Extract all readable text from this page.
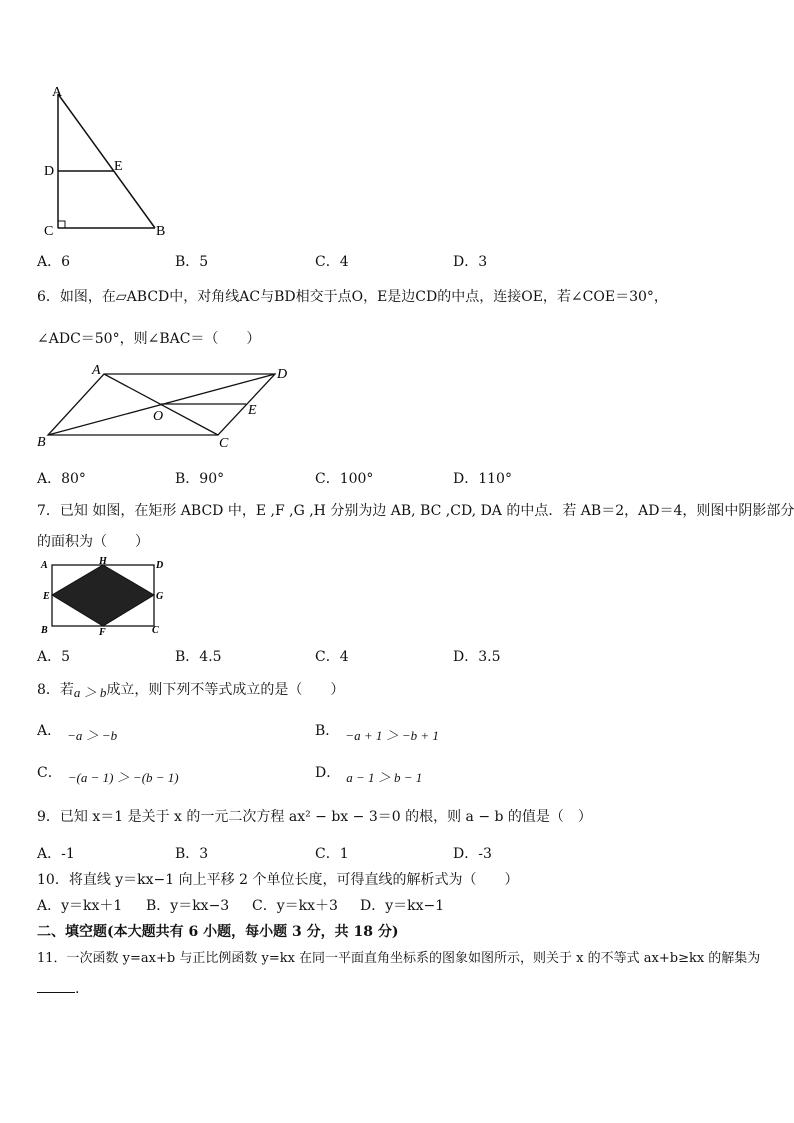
A
D	E
C	B
A．6	B．5	C．4	D．3
6．如图，在▱ABCD中，对角线AC与BD相交于点O，E是边CD的中点，连接OE，若∠COE＝30°，
∠ADC＝50°，则∠BAC＝（　　）
A	D
O	E
B	C
A．80°	B．90°	C．100°	D．110°
7．已知 如图，在矩形 ABCD 中，E ,F ,G ,H 分别为边 AB, BC ,CD, DA 的中点．若 AB＝2，AD＝4，则图中阴影部分
的面积为（　　）
A	H	D
E	G
B	F	C
A．5	B．4.5	C．4	D．3.5
8．若a ＞ b成立，则下列不等式成立的是（　　）
A． −a ＞ −b	B． −a + 1 ＞ −b + 1
C． −(a − 1) ＞ −(b − 1)	D． a − 1 ＞ b − 1
9．已知 x＝1 是关于 x 的一元二次方程 ax² − bx − 3＝0 的根，则 a − b 的值是（　）
A．-1	B．3	C．1	D．-3
10．将直线 y＝kx−1 向上平移 2 个单位长度，可得直线的解析式为（　　）
A．y＝kx＋1 B．y＝kx−3 C．y＝kx＋3 D．y＝kx−1
二、填空题(本大题共有 6 小题，每小题 3 分，共 18 分)
11．一次函数 y=ax+b 与正比例函数 y=kx 在同一平面直角坐标系的图象如图所示，则关于 x 的不等式 ax+b≥kx 的解集为
.
